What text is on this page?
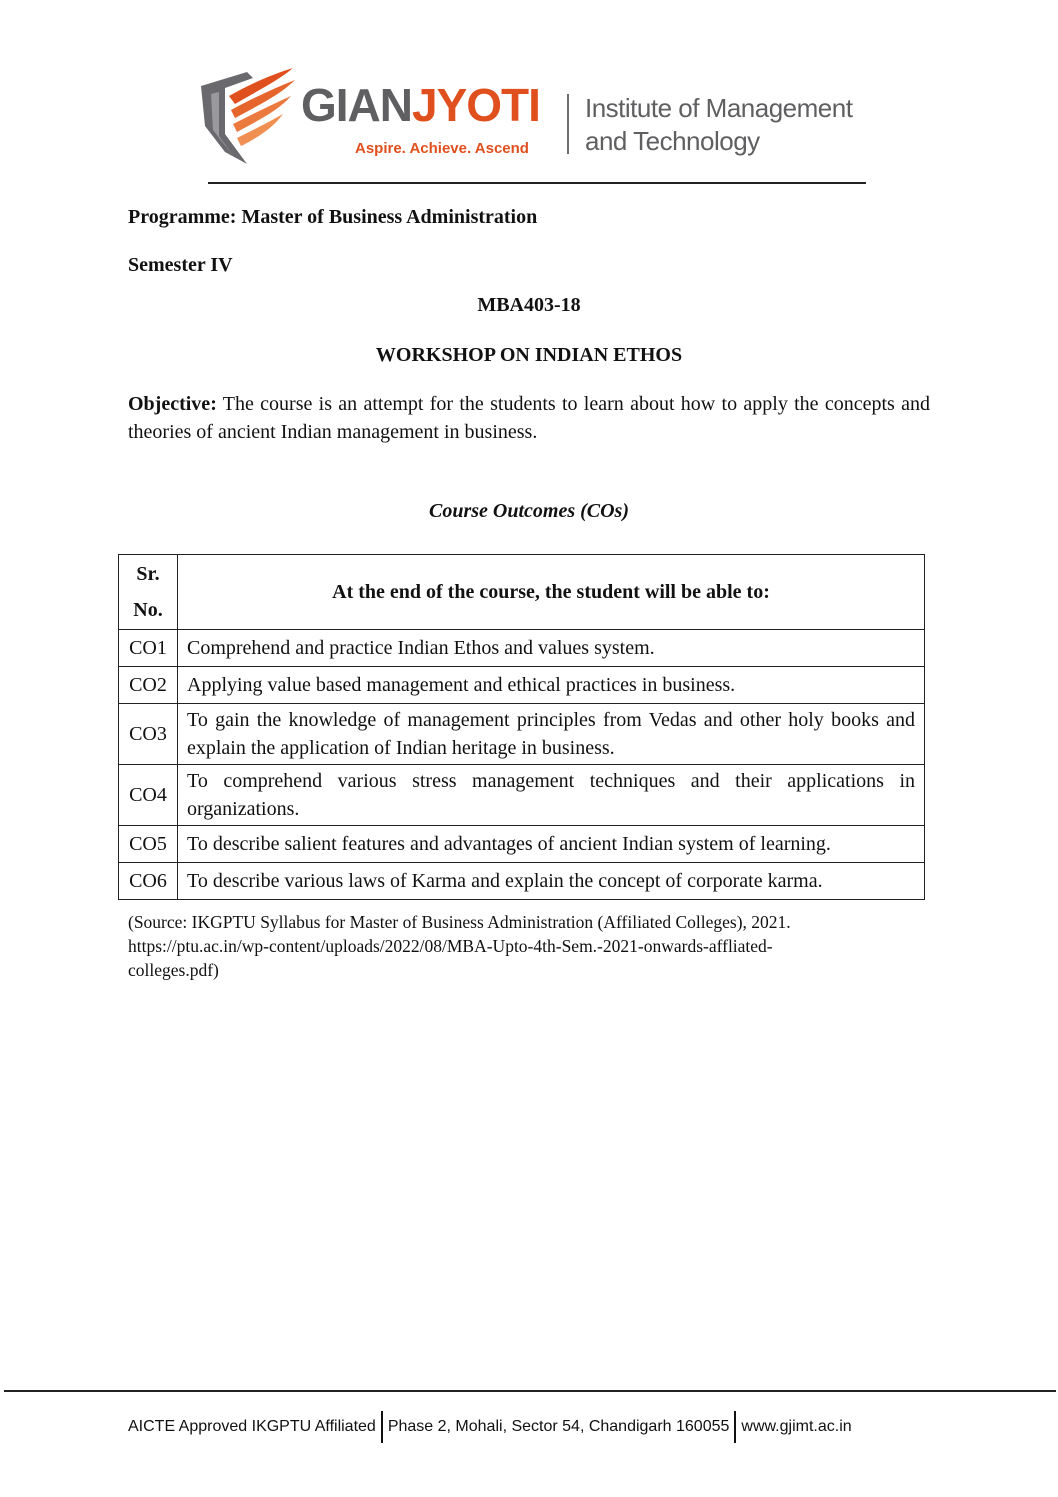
GIANJYOTI
Aspire. Achieve. Ascend
Institute of Management
and Technology
Programme: Master of Business Administration
Semester IV
MBA403-18
WORKSHOP ON INDIAN ETHOS
Objective: The course is an attempt for the students to learn about how to apply the concepts and theories of ancient Indian management in business.
Course Outcomes (COs)
Sr.
No.	At the end of the course, the student will be able to:
CO1	Comprehend and practice Indian Ethos and values system.
CO2	Applying value based management and ethical practices in business.
CO3	To gain the knowledge of management principles from Vedas and other holy books and explain the application of Indian heritage in business.
CO4	To comprehend various stress management techniques and their applications in organizations.
CO5	To describe salient features and advantages of ancient Indian system of learning.
CO6	To describe various laws of Karma and explain the concept of corporate karma.
(Source: IKGPTU Syllabus for Master of Business Administration (Affiliated Colleges), 2021.
https://ptu.ac.in/wp-content/uploads/2022/08/MBA-Upto-4th-Sem.-2021-onwards-affliated-
colleges.pdf)
AICTE Approved IKGPTU Affiliated Phase 2, Mohali, Sector 54, Chandigarh 160055 www.gjimt.ac.in
